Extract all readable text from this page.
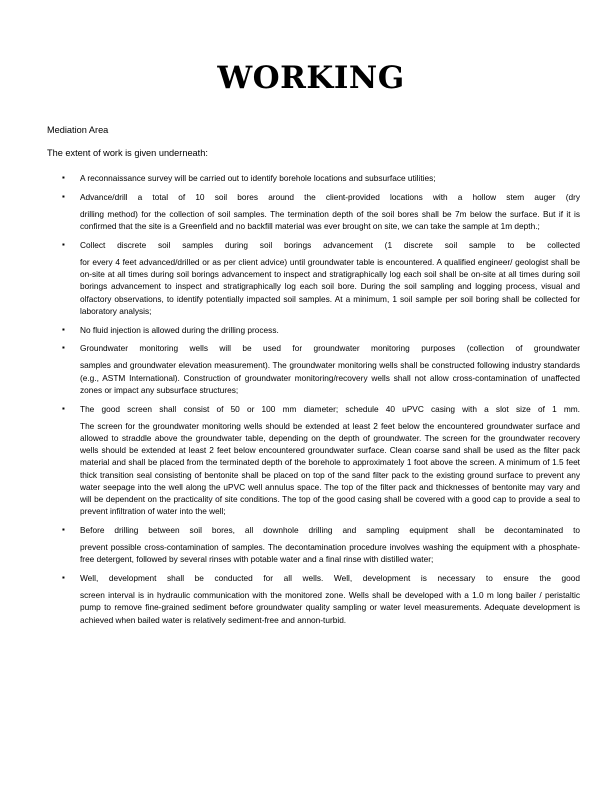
WORKING
Mediation Area
The extent of work is given underneath:
▪ A reconnaissance survey will be carried out to identify borehole locations and subsurface utilities;
▪ Advance/drill a total of 10 soil bores around the client-provided locations with a hollow stem auger (dry
drilling method) for the collection of soil samples. The termination depth of the soil bores shall be 7m below the surface. But if it is confirmed that the site is a Greenfield and no backfill material was ever brought on site, we can take the sample at 1m depth.;
▪ Collect discrete soil samples during soil borings advancement (1 discrete soil sample to be collected
for every 4 feet advanced/drilled or as per client advice) until groundwater table is encountered. A qualified engineer/ geologist shall be on-site at all times during soil borings advancement to inspect and stratigraphically log each soil shall be on-site at all times during soil borings advancement to inspect and stratigraphically log each soil bore. During the soil sampling and logging process, visual and olfactory observations, to identify potentially impacted soil samples. At a minimum, 1 soil sample per soil boring shall be collected for laboratory analysis;
▪ No fluid injection is allowed during the drilling process.
▪ Groundwater monitoring wells will be used for groundwater monitoring purposes (collection of groundwater
samples and groundwater elevation measurement). The groundwater monitoring wells shall be constructed following industry standards (e.g., ASTM International). Construction of groundwater monitoring/recovery wells shall not allow cross-contamination of unaffected zones or impact any subsurface structures;
▪ The good screen shall consist of 50 or 100 mm diameter; schedule 40 uPVC casing with a slot size of 1 mm.
The screen for the groundwater monitoring wells should be extended at least 2 feet below the encountered groundwater surface and allowed to straddle above the groundwater table, depending on the depth of groundwater. The screen for the groundwater recovery wells should be extended at least 2 feet below encountered groundwater surface. Clean coarse sand shall be used as the filter pack material and shall be placed from the terminated depth of the borehole to approximately 1 foot above the screen. A minimum of 1.5 feet thick transition seal consisting of bentonite shall be placed on top of the sand filter pack to the existing ground surface to prevent any water seepage into the well along the uPVC well annulus space. The top of the filter pack and thicknesses of bentonite may vary and will be dependent on the practicality of site conditions. The top of the good casing shall be covered with a good cap to provide a seal to prevent infiltration of water into the well;
▪ Before drilling between soil bores, all downhole drilling and sampling equipment shall be decontaminated to
prevent possible cross-contamination of samples. The decontamination procedure involves washing the equipment with a phosphate-free detergent, followed by several rinses with potable water and a final rinse with distilled water;
▪ Well, development shall be conducted for all wells. Well, development is necessary to ensure the good
screen interval is in hydraulic communication with the monitored zone. Wells shall be developed with a 1.0 m long bailer / peristaltic pump to remove fine-grained sediment before groundwater quality sampling or water level measurements. Adequate development is achieved when bailed water is relatively sediment-free and annon-turbid.
